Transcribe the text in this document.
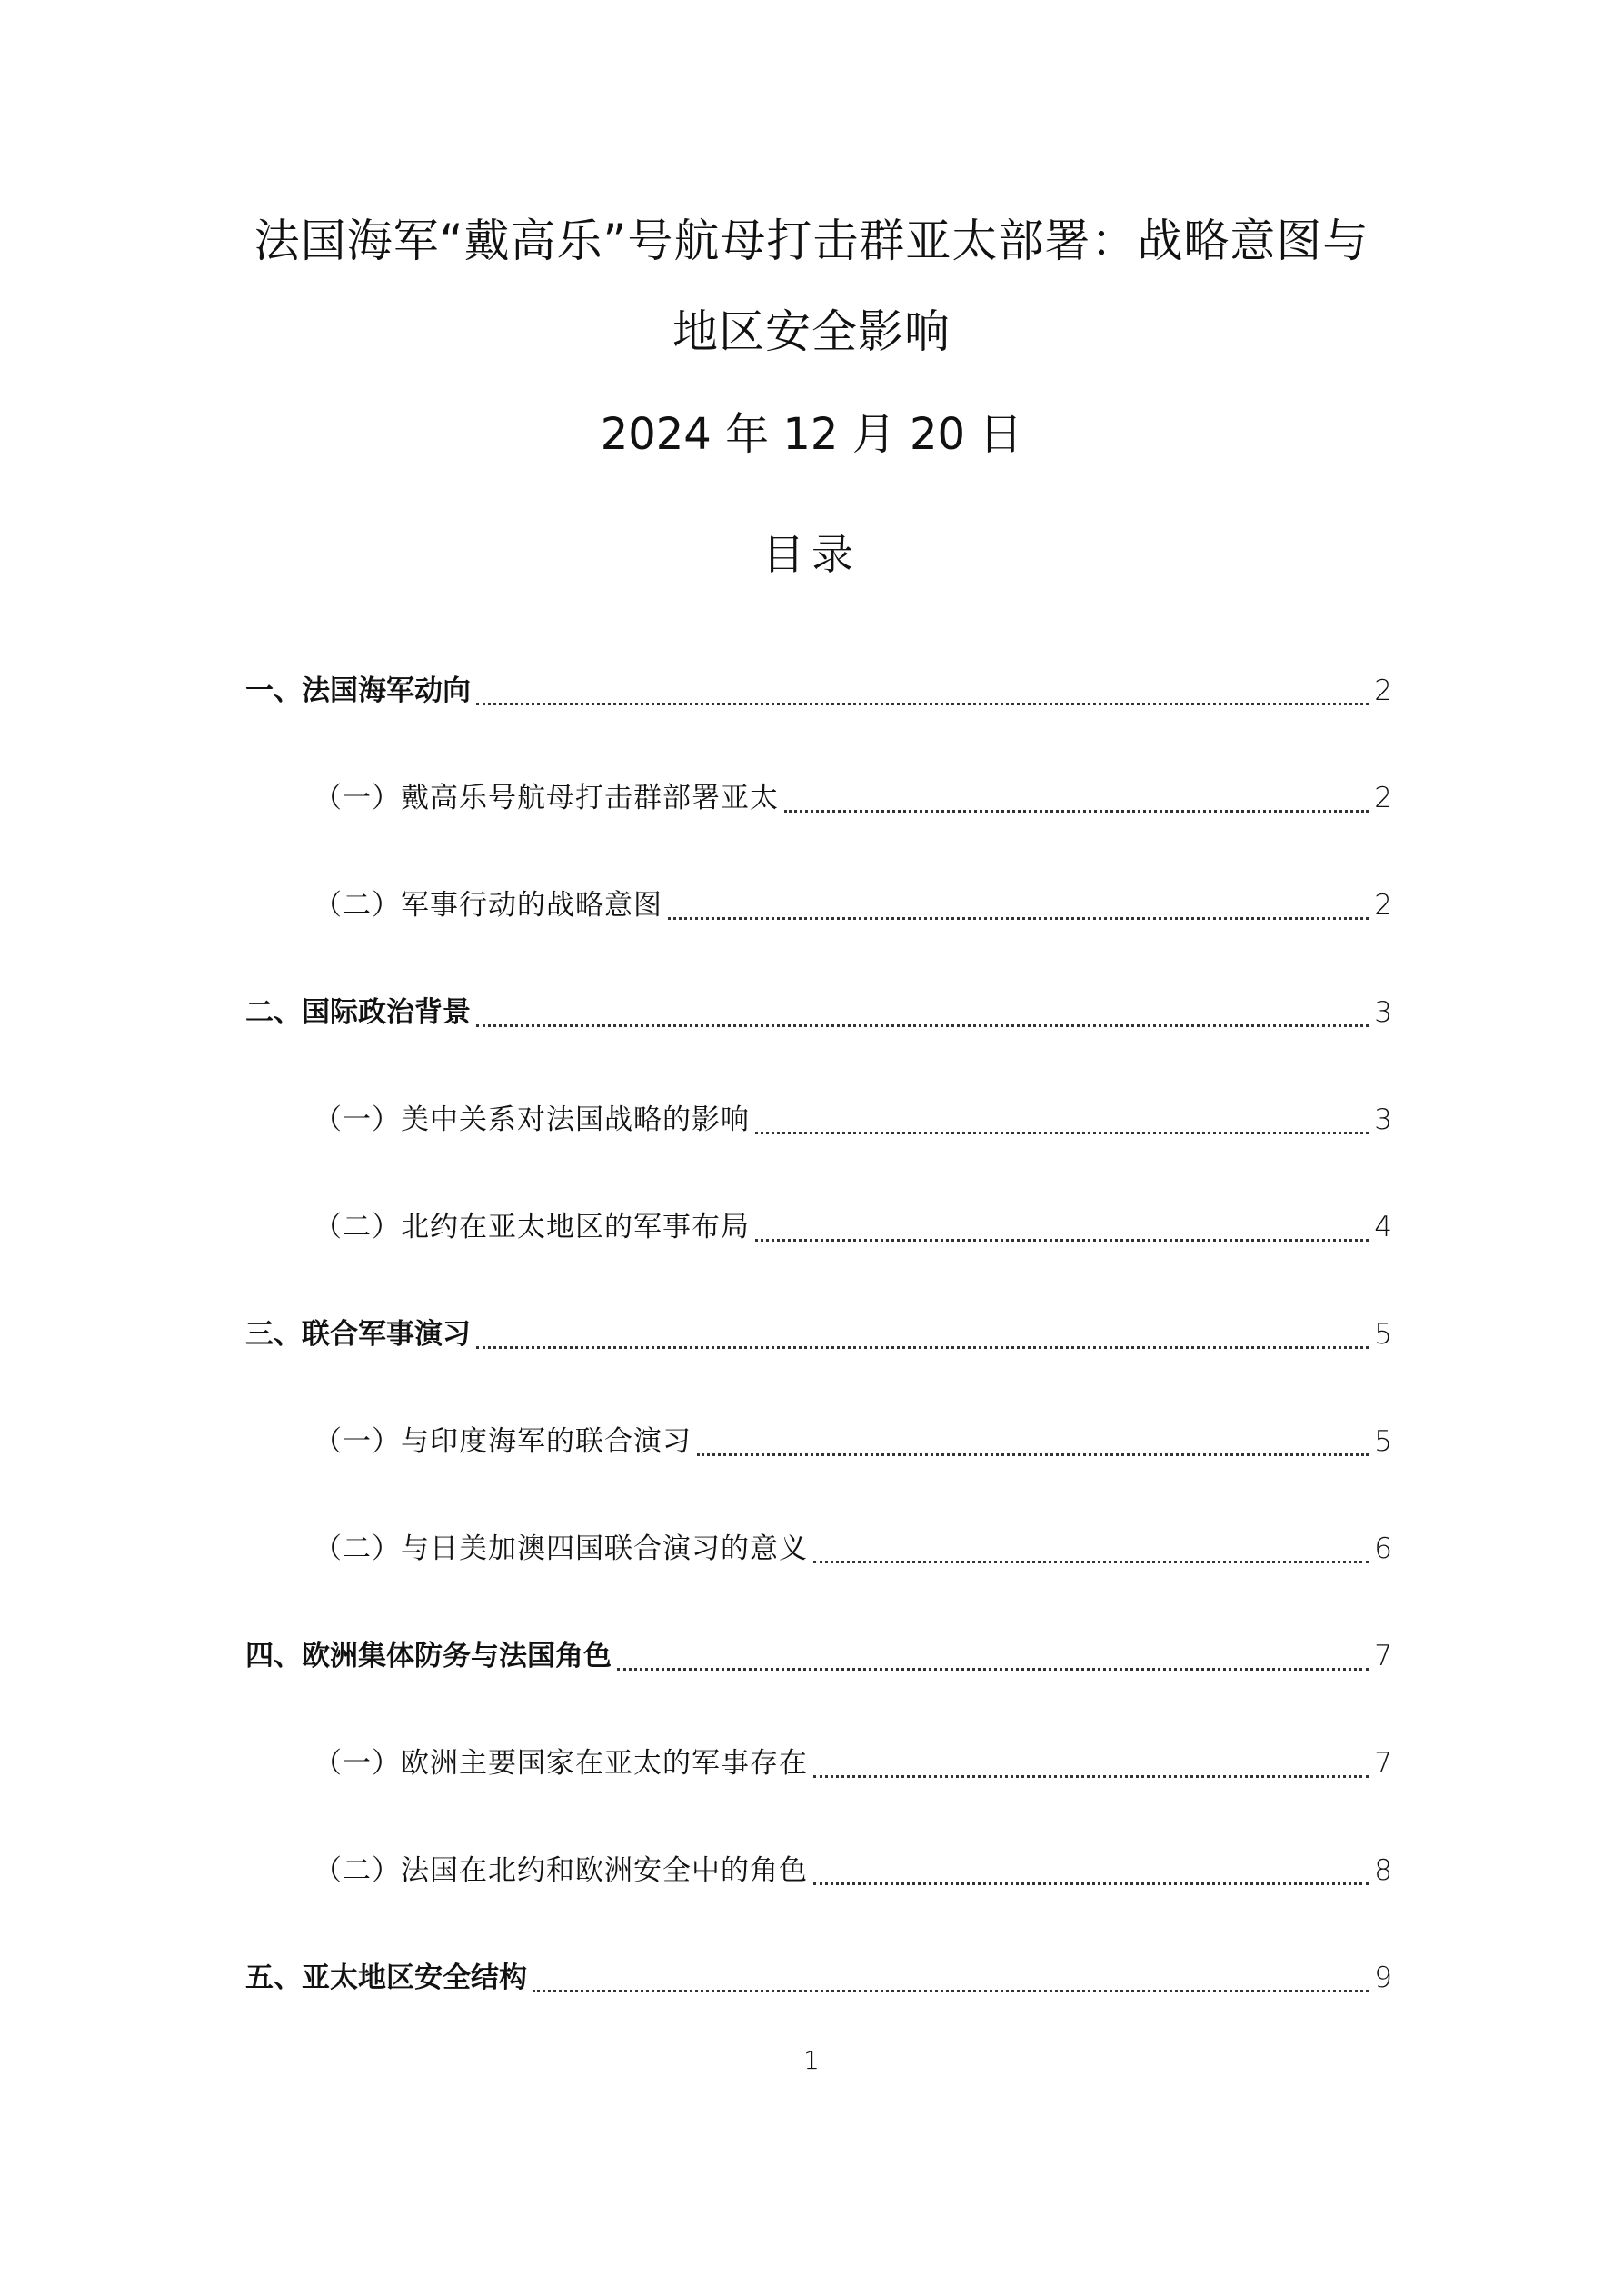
法国海军“戴高乐”号航母打击群亚太部署：战略意图与
地区安全影响
2024 年 12 月 20 日
目录
一、法国海军动向	2
（一）戴高乐号航母打击群部署亚太	2
（二）军事行动的战略意图	2
二、国际政治背景	3
（一）美中关系对法国战略的影响	3
（二）北约在亚太地区的军事布局	4
三、联合军事演习	5
（一）与印度海军的联合演习	5
（二）与日美加澳四国联合演习的意义	6
四、欧洲集体防务与法国角色	7
（一）欧洲主要国家在亚太的军事存在	7
（二）法国在北约和欧洲安全中的角色	8
五、亚太地区安全结构	9
1
